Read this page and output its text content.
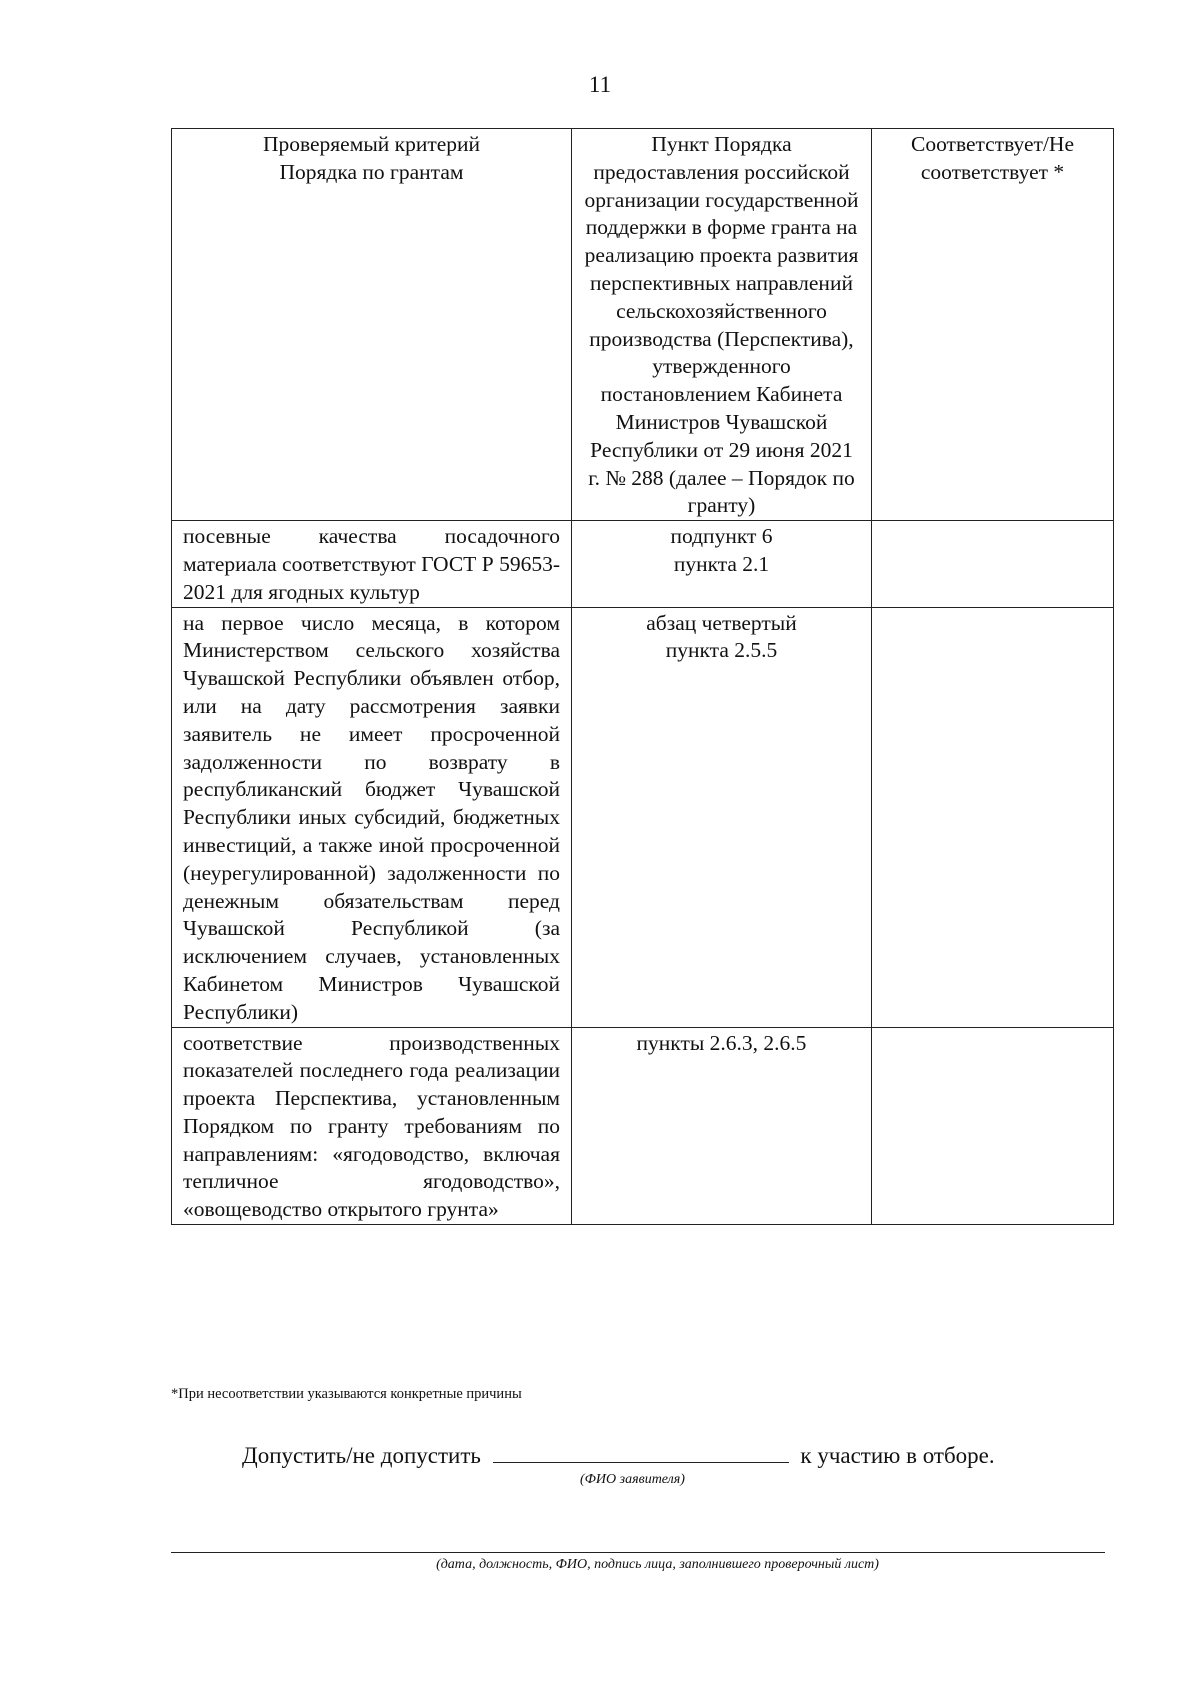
11
Проверяемый критерий Порядка по грантам	Пункт Порядка предоставления российской организации государственной поддержки в форме гранта на реализацию проекта развития перспективных направлений сельскохозяйственного производства (Перспектива), утвержденного постановлением Кабинета Министров Чувашской Республики от 29 июня 2021 г. № 288 (далее – Порядок по гранту)	Соответствует/Не соответствует *

посевные качества посадочного материала соответствуют ГОСТ Р 59653-2021 для ягодных культур	подпункт 6 пункта 2.1	

на первое число месяца, в котором Министерством сельского хозяйства Чувашской Республики объявлен отбор, или на дату рассмотрения заявки заявитель не имеет просроченной задолженности по возврату в республиканский бюджет Чувашской Республики иных субсидий, бюджетных инвестиций, а также иной просроченной (неурегулированной) задолженности по денежным обязательствам перед Чувашской Республикой (за исключением случаев, установленных Кабинетом Министров Чувашской Республики)	абзац четвертый пункта 2.5.5	

соответствие производственных показателей последнего года реализации проекта Перспектива, установленным Порядком по гранту требованиям по направлениям: «ягодоводство, включая тепличное ягодоводство», «овощеводство открытого грунта»	пункты 2.6.3, 2.6.5	
*При несоответствии указываются конкретные причины
Допустить/не допустить	к участию в отборе.
(ФИО заявителя)
(дата, должность, ФИО, подпись лица, заполнившего проверочный лист)
